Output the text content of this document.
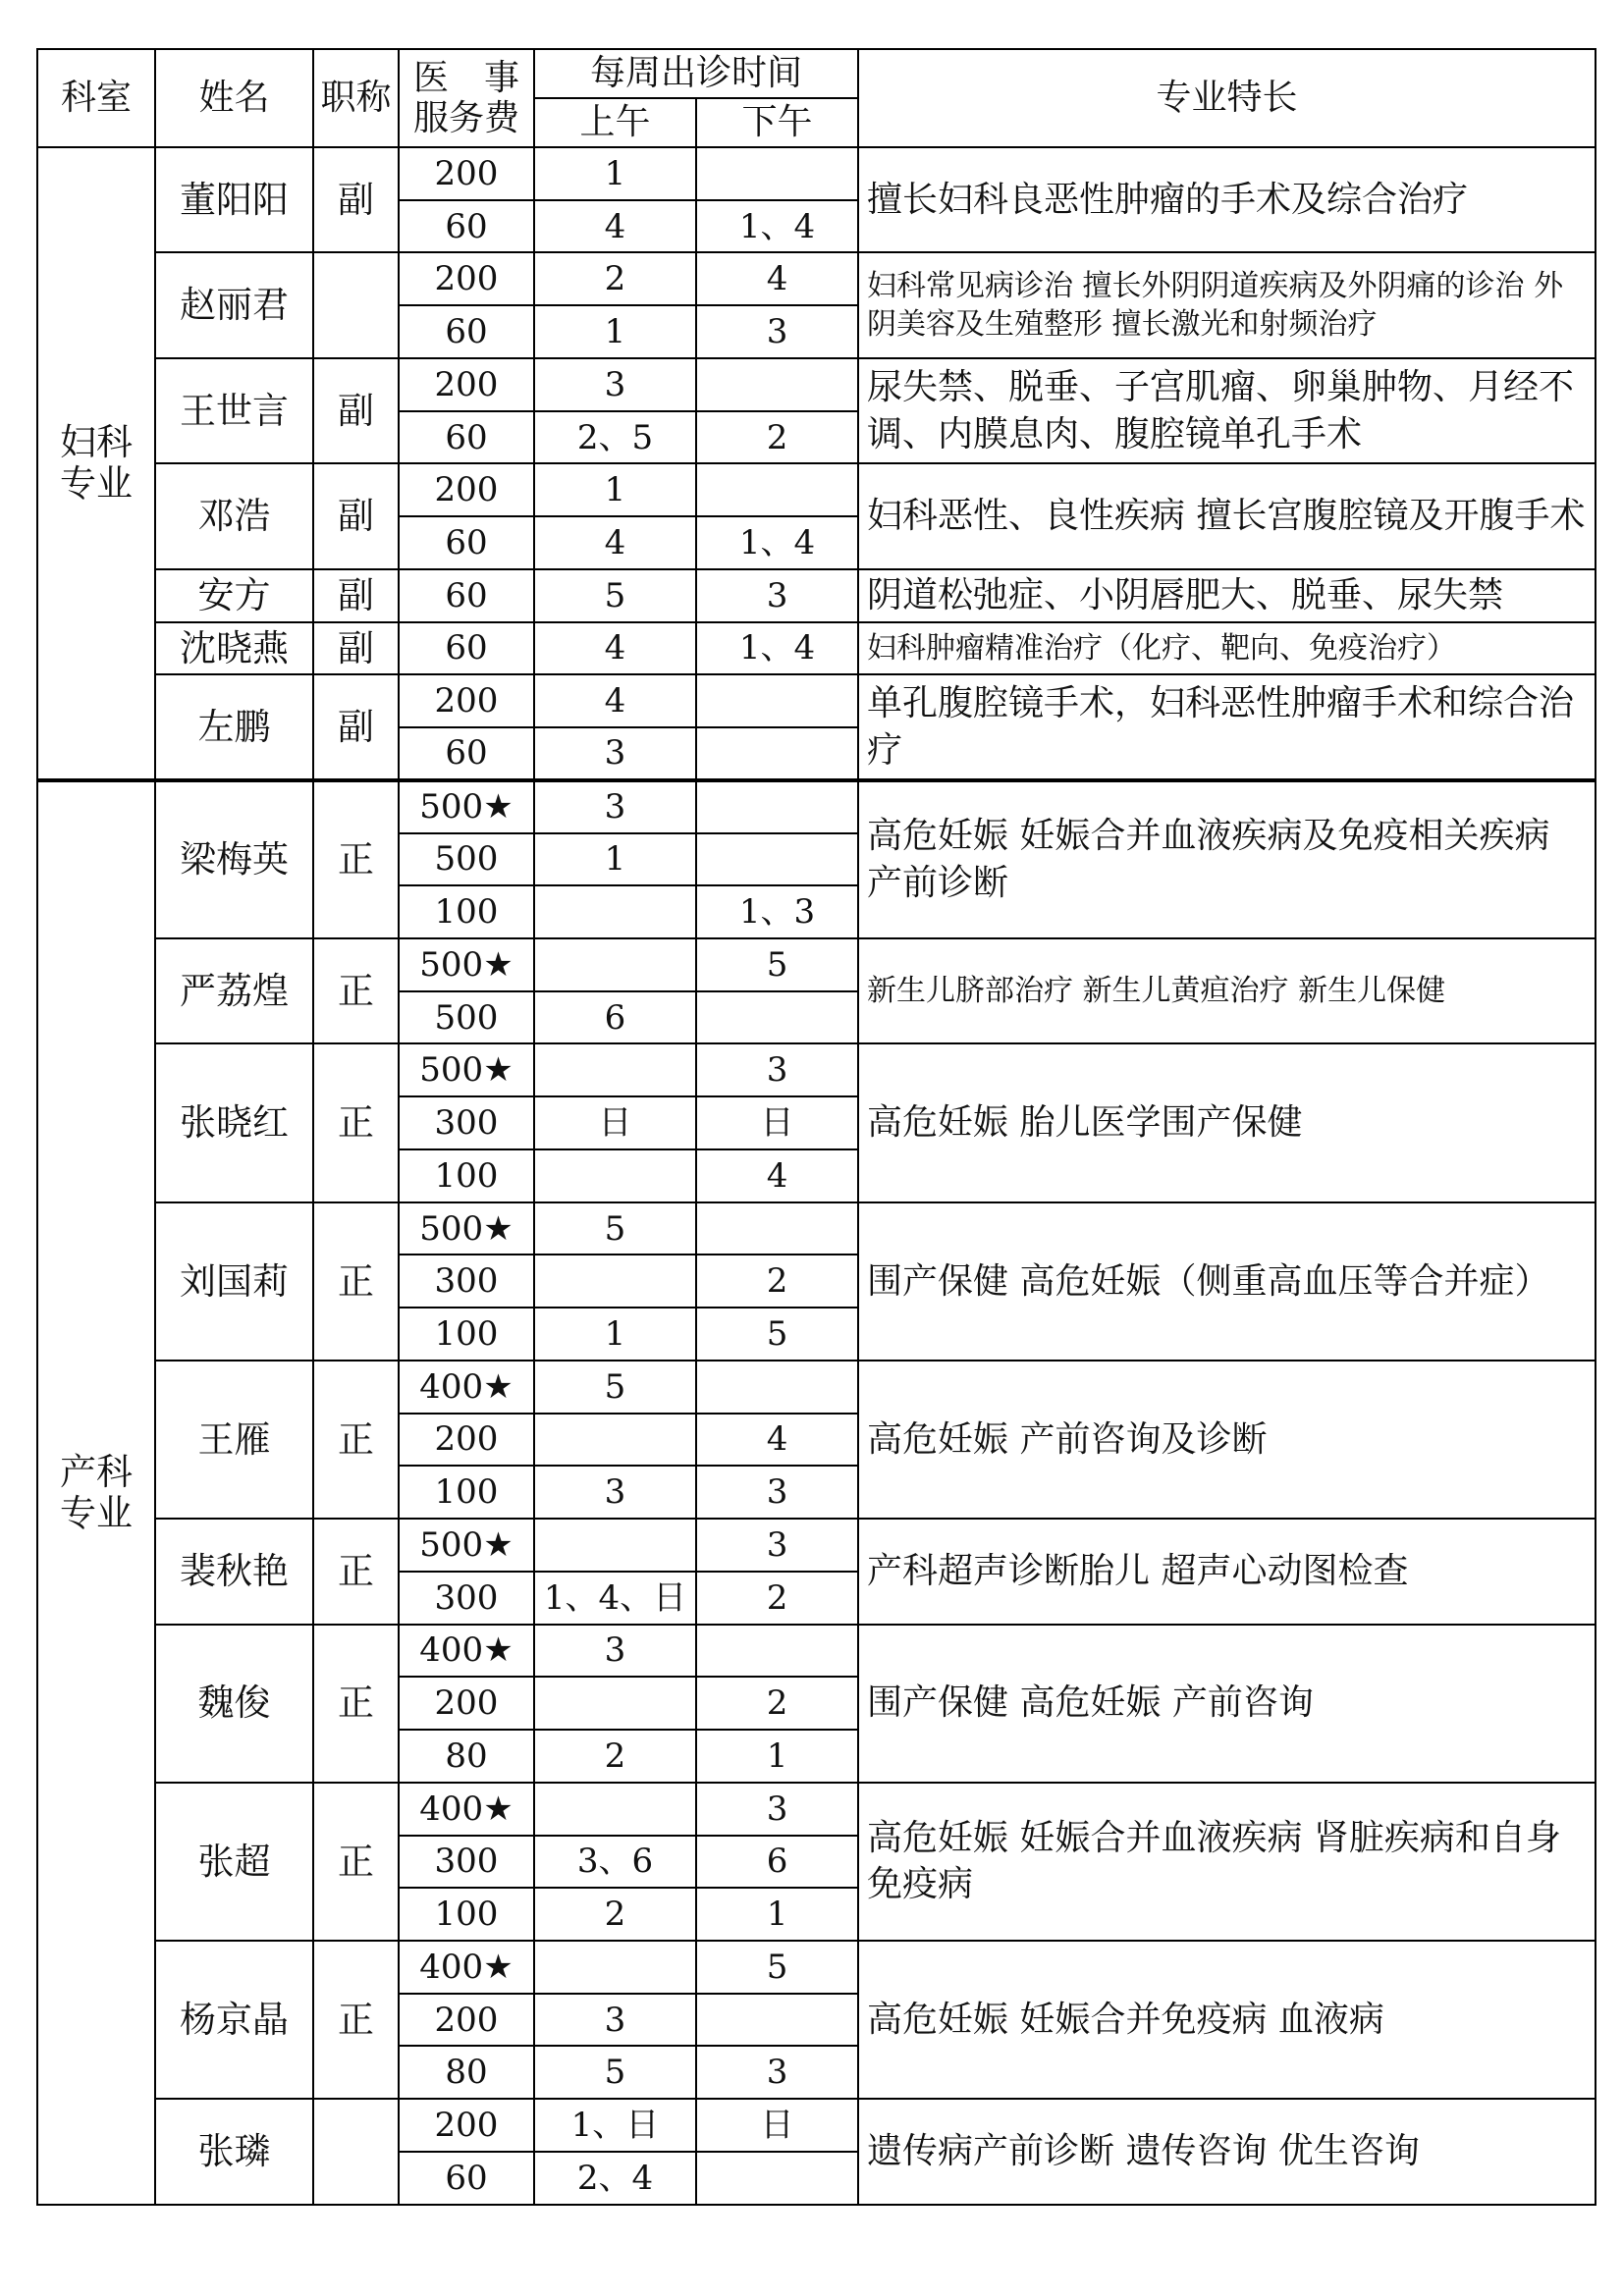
科室	姓名	职称	医　事
服务费	每周出诊时间		专业特长
				上午	下午	
妇科
专业	董阳阳	副	200	1		擅长妇科良恶性肿瘤的手术及综合治疗
			60	4	1、4	
	赵丽君		200	2	4	妇科常见病诊治 擅长外阴阴道疾病及外阴痛的诊治 外阴美容及生殖整形 擅长激光和射频治疗
			60	1	3	
	王世言	副	200	3		尿失禁、脱垂、子宫肌瘤、卵巢肿物、月经不调、内膜息肉、腹腔镜单孔手术
			60	2、5	2	
	邓浩	副	200	1		妇科恶性、良性疾病 擅长宫腹腔镜及开腹手术
			60	4	1、4	
	安方	副	60	5	3	阴道松弛症、小阴唇肥大、脱垂、尿失禁
	沈晓燕	副	60	4	1、4	妇科肿瘤精准治疗（化疗、靶向、免疫治疗）
	左鹏	副	200	4		单孔腹腔镜手术，妇科恶性肿瘤手术和综合治疗
			60	3		
产科
专业	梁梅英	正	500★	3		高危妊娠 妊娠合并血液疾病及免疫相关疾病 产前诊断
			500	1		
			100		1、3	
	严荔煌	正	500★		5	新生儿脐部治疗 新生儿黄疸治疗 新生儿保健
			500	6		
	张晓红	正	500★		3	高危妊娠 胎儿医学围产保健
			300	日	日	
			100		4	
	刘国莉	正	500★	5		围产保健 高危妊娠（侧重高血压等合并症）
			300		2	
			100	1	5	
	王雁	正	400★	5		高危妊娠 产前咨询及诊断
			200		4	
			100	3	3	
	裴秋艳	正	500★		3	产科超声诊断胎儿 超声心动图检查
			300	1、4、日	2	
	魏俊	正	400★	3		围产保健 高危妊娠 产前咨询
			200		2	
			80	2	1	
	张超	正	400★		3	高危妊娠 妊娠合并血液疾病 肾脏疾病和自身免疫病
			300	3、6	6	
			100	2	1	
	杨京晶	正	400★		5	高危妊娠 妊娠合并免疫病 血液病
			200	3		
			80	5	3	
	张璘		200	1、日	日	遗传病产前诊断 遗传咨询 优生咨询
			60	2、4		
